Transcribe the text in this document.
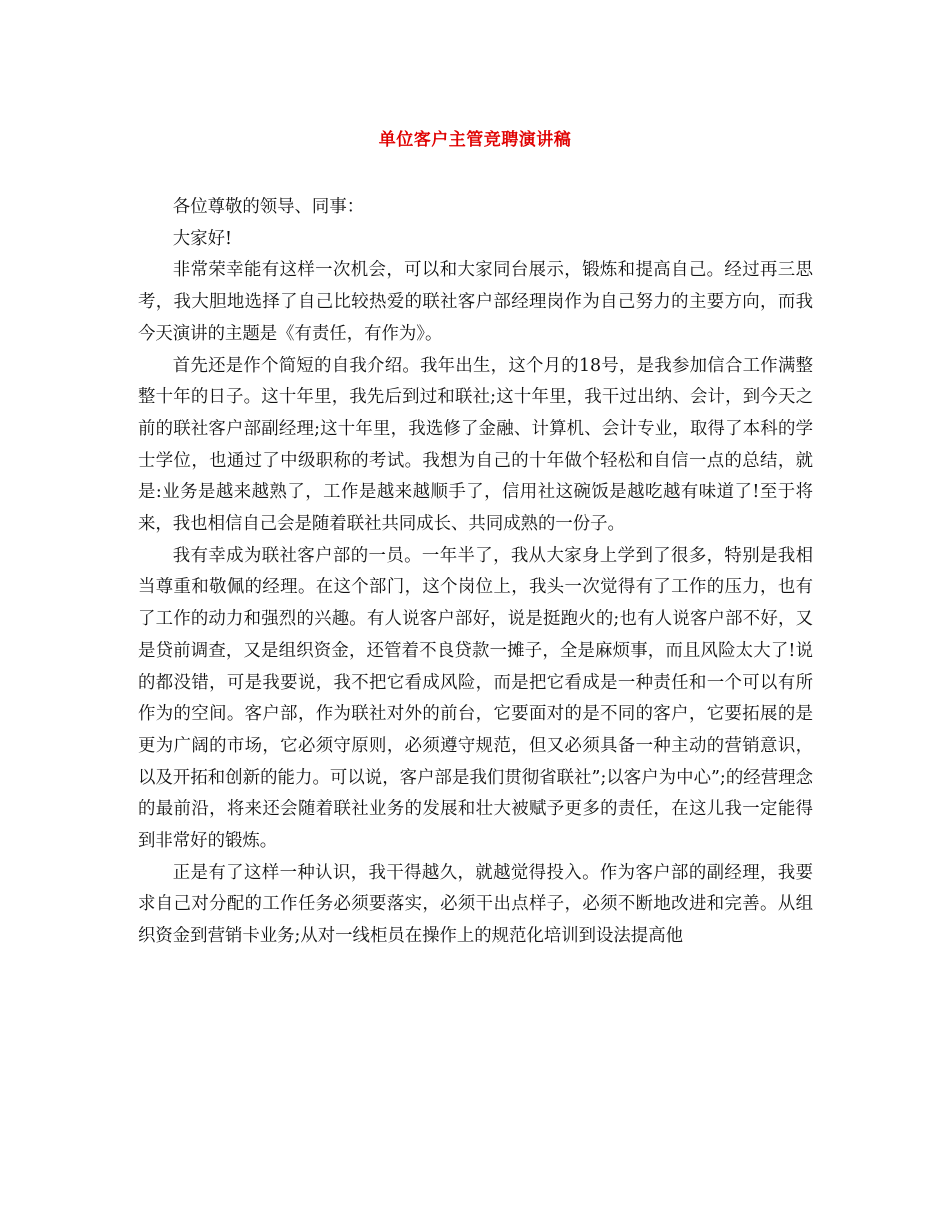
单位客户主管竞聘演讲稿

各位尊敬的领导、同事：

大家好!

非常荣幸能有这样一次机会，可以和大家同台展示，锻炼和提高自己。经过再三思考，我大胆地选择了自己比较热爱的联社客户部经理岗作为自己努力的主要方向，而我今天演讲的主题是《有责任，有作为》。

首先还是作个简短的自我介绍。我年出生，这个月的18号，是我参加信合工作满整整十年的日子。这十年里，我先后到过和联社;这十年里，我干过出纳、会计，到今天之前的联社客户部副经理;这十年里，我选修了金融、计算机、会计专业，取得了本科的学士学位，也通过了中级职称的考试。我想为自己的十年做个轻松和自信一点的总结，就是:业务是越来越熟了，工作是越来越顺手了，信用社这碗饭是越吃越有味道了!至于将来，我也相信自己会是随着联社共同成长、共同成熟的一份子。

我有幸成为联社客户部的一员。一年半了，我从大家身上学到了很多，特别是我相当尊重和敬佩的经理。在这个部门，这个岗位上，我头一次觉得有了工作的压力，也有了工作的动力和强烈的兴趣。有人说客户部好，说是挺跑火的;也有人说客户部不好，又是贷前调查，又是组织资金，还管着不良贷款一摊子，全是麻烦事，而且风险太大了!说的都没错，可是我要说，我不把它看成风险，而是把它看成是一种责任和一个可以有所作为的空间。客户部，作为联社对外的前台，它要面对的是不同的客户，它要拓展的是更为广阔的市场，它必须守原则，必须遵守规范，但又必须具备一种主动的营销意识，以及开拓和创新的能力。可以说，客户部是我们贯彻省联社”;以客户为中心”;的经营理念的最前沿，将来还会随着联社业务的发展和壮大被赋予更多的责任，在这儿我一定能得到非常好的锻炼。

正是有了这样一种认识，我干得越久，就越觉得投入。作为客户部的副经理，我要求自己对分配的工作任务必须要落实，必须干出点样子，必须不断地改进和完善。从组织资金到营销卡业务;从对一线柜员在操作上的规范化培训到设法提高他
